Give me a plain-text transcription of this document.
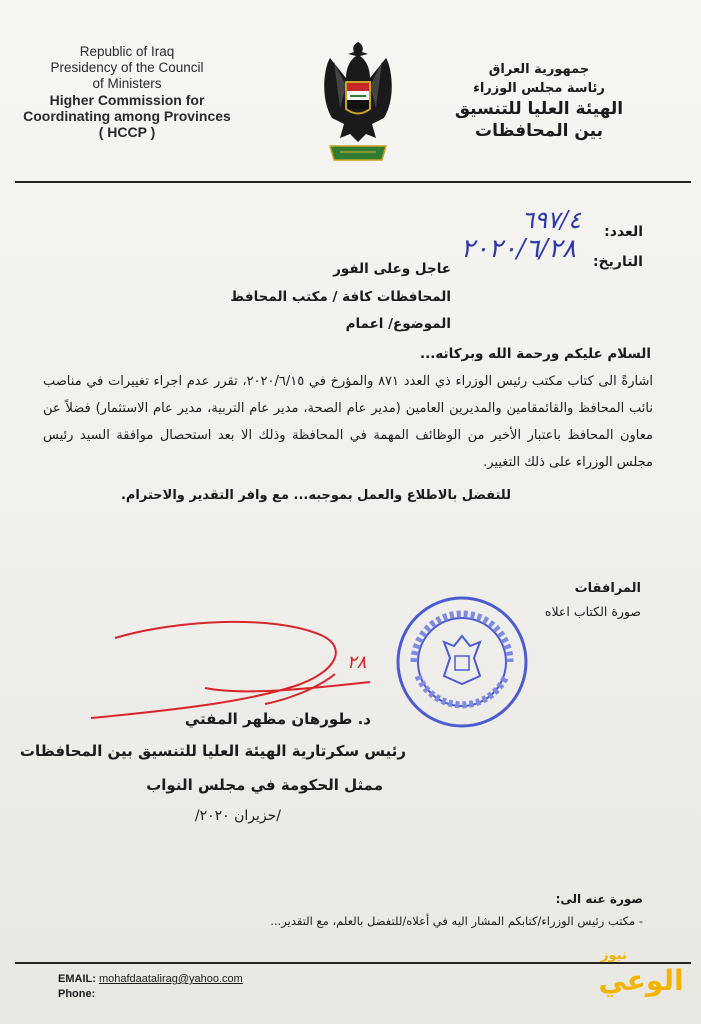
Republic of Iraq
Presidency of the Council
of Ministers
Higher Commission for
Coordinating among Provinces
( HCCP )
جمهورية العراق
رئاسة مجلس الوزراء
الهيئة العليا للتنسيق
بين المحافظات
العدد:
٦٩٧/٤
التاريخ:
٢٠٢٠/٦/٢٨
عاجل وعلى الفور
المحافظات كافة / مكتب المحافظ
الموضوع/ اعمام
السلام عليكم ورحمة الله وبركاته...
اشارةً الى كتاب مكتب رئيس الوزراء ذي العدد ٨٧١ والمؤرخ في ٢٠٢٠/٦/١٥، تقرر عدم اجراء تغييرات في مناصب نائب المحافظ والقائمقامين والمديرين العامين (مدير عام الصحة، مدير عام التربية، مدير عام الاستثمار) فضلاً عن معاون المحافظ باعتبار الأخير من الوظائف المهمة في المحافظة وذلك الا بعد استحصال موافقة السيد رئيس مجلس الوزراء على ذلك التغيير.
للتفضل بالاطلاع والعمل بموجبه... مع وافر التقدير والاحترام.
المرافقات
صورة الكتاب اعلاه
٢٨
د. طورهان مظهر المفتي
رئيس سكرتارية الهيئة العليا للتنسيق بين المحافظات
ممثل الحكومة في مجلس النواب
/حزيران ٢٠٢٠/
صورة عنه الى:
- مكتب رئيس الوزراء/كتابكم المشار اليه في أعلاه/للتفضل بالعلم، مع التقدير...
EMAIL: mohafdaatalirag@yahoo.com
Phone:
نيوز
الوعي
